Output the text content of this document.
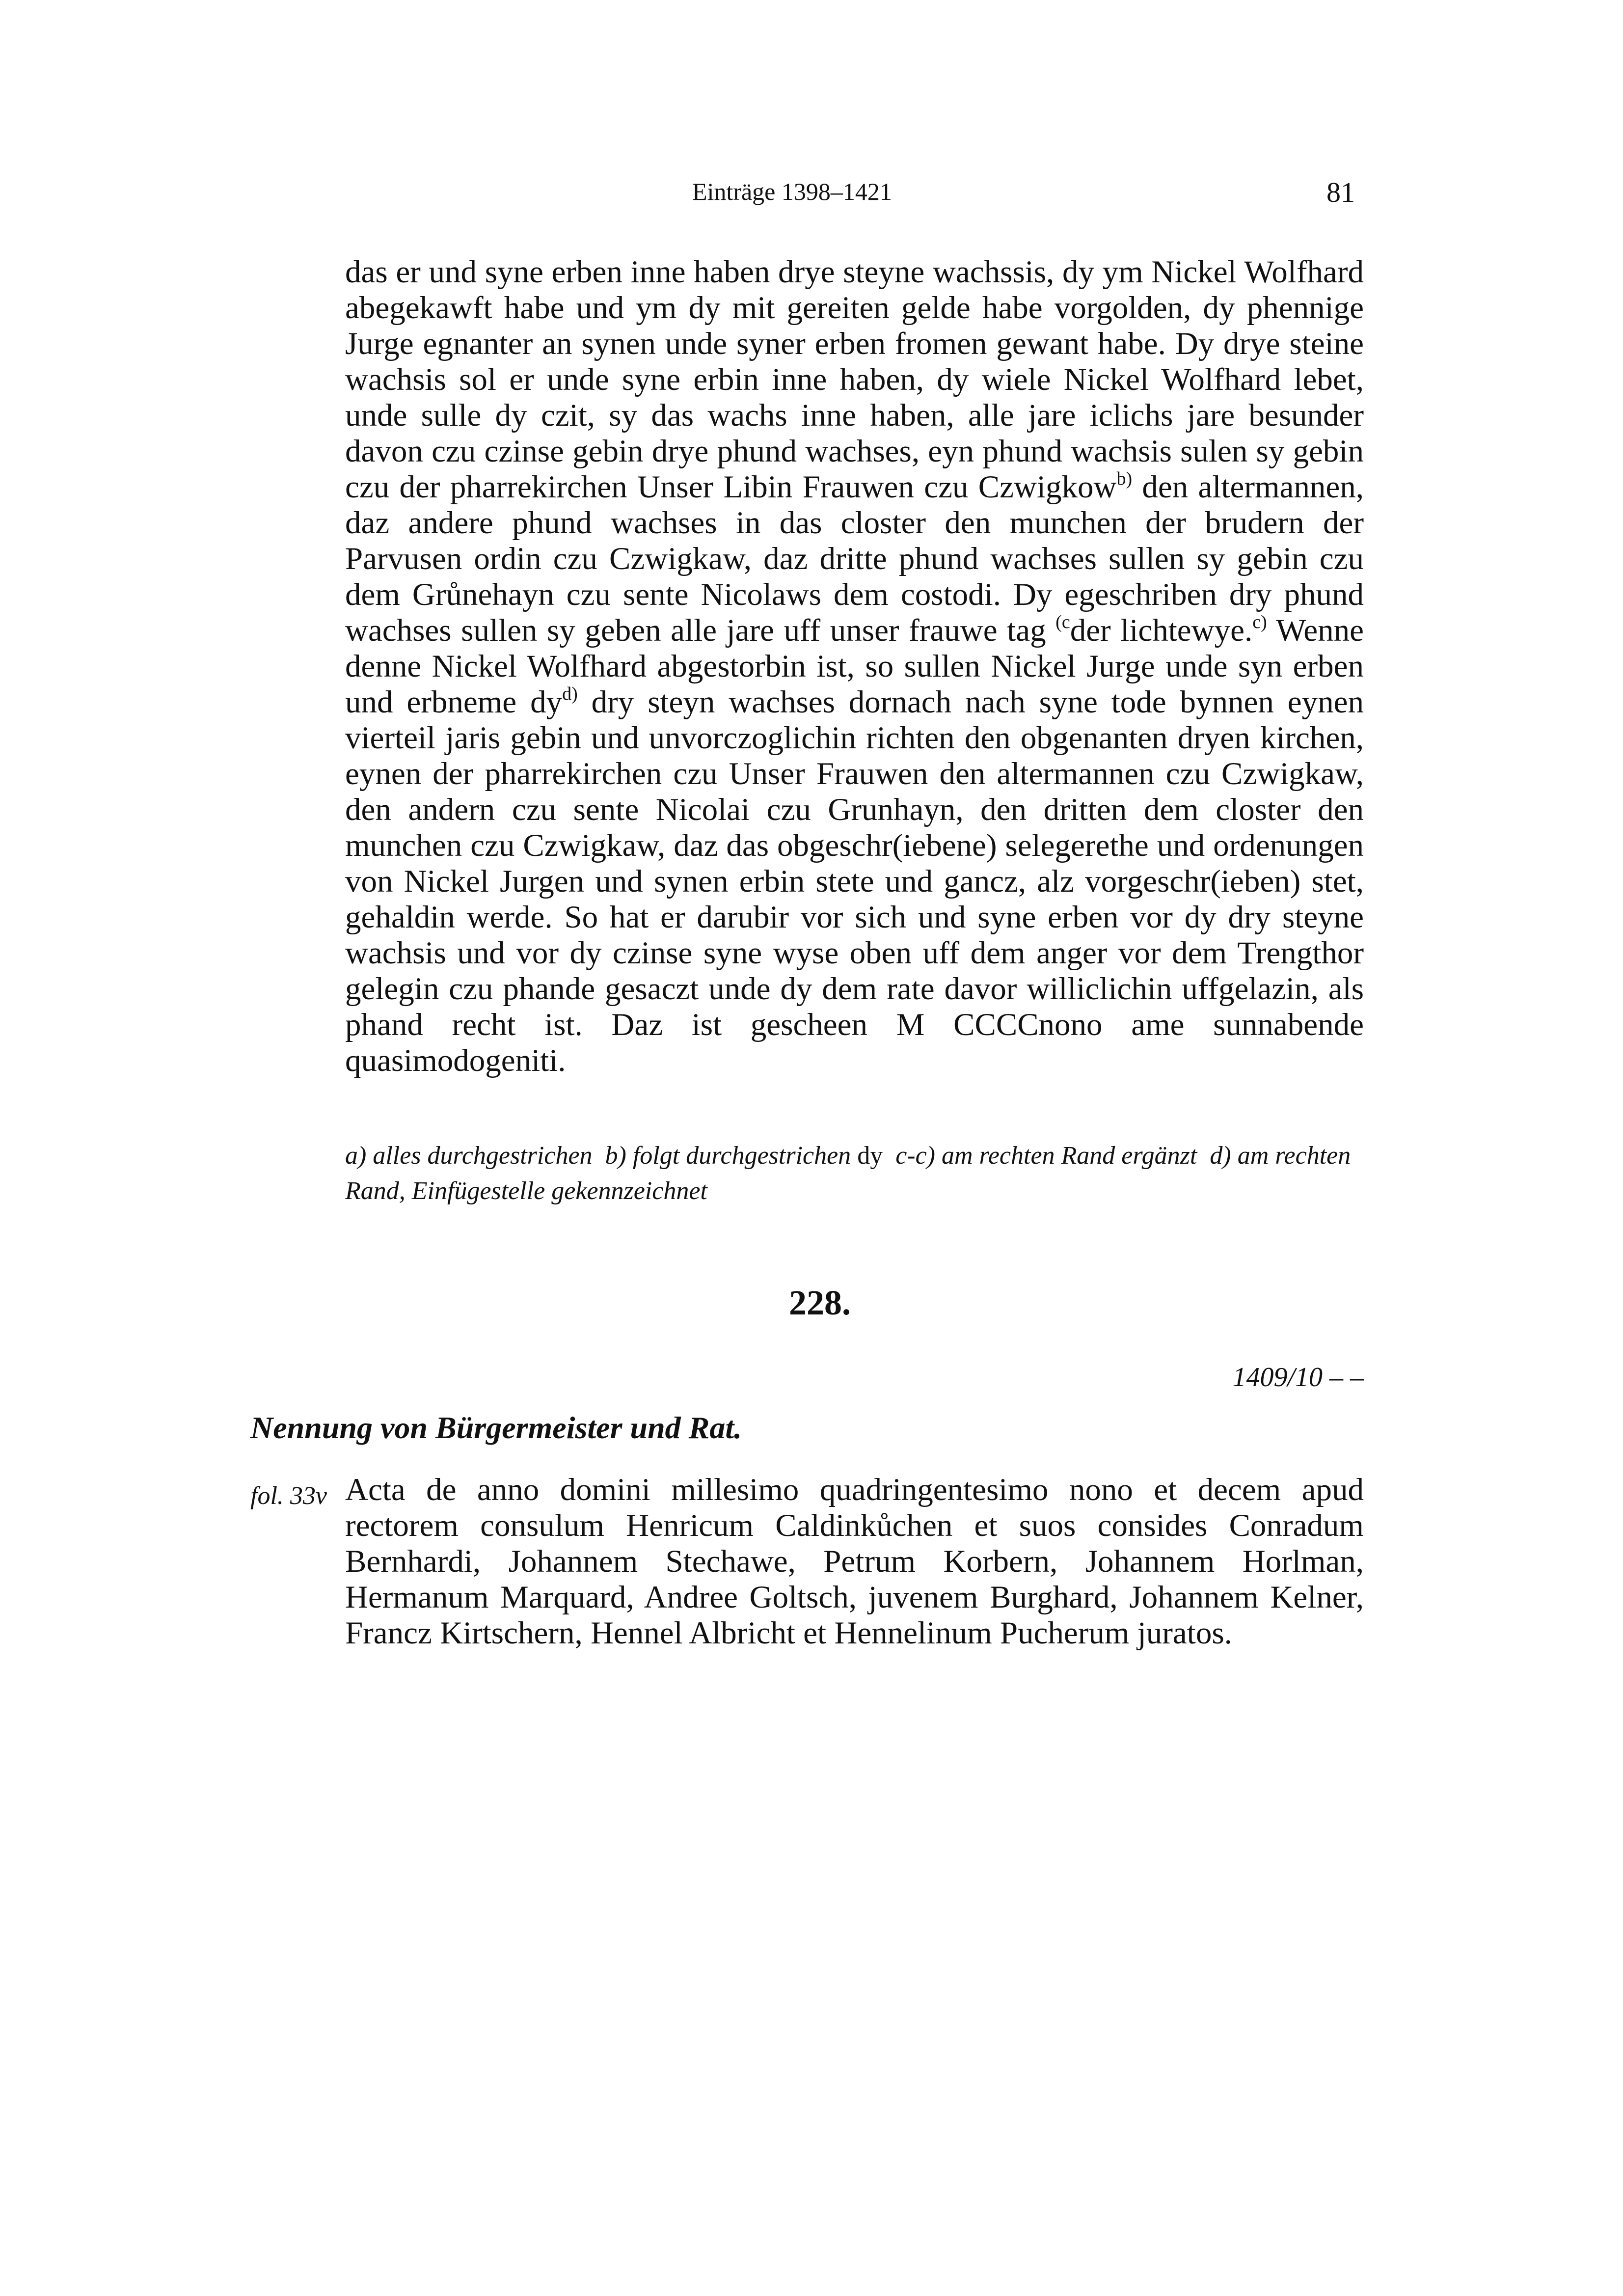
Einträge 1398–1421	81

das er und syne erben inne haben drye steyne wachssis, dy ym Nickel Wolfhard abegekawft habe und ym dy mit gereiten gelde habe vorgolden, dy phennige Jurge egnanter an synen unde syner erben fromen gewant habe. Dy drye steine wachsis sol er unde syne erbin inne haben, dy wiele Nickel Wolfhard lebet, unde sulle dy czit, sy das wachs inne haben, alle jare iclichs jare besunder davon czu czinse gebin drye phund wachses, eyn phund wachsis sulen sy gebin czu der pharrekirchen Unser Libin Frauwen czu Czwigkow$^{b)}$ den altermannen, daz andere phund wachses in das closter den munchen der brudern der Parvusen ordin czu Czwigkaw, daz dritte phund wachses sullen sy gebin czu dem Grůnehayn czu sente Nicolaws dem costodi. Dy egeschriben dry phund wachses sullen sy geben alle jare uff unser frauwe tag $^{(c}$der lichtewye.$^{c)}$ Wenne denne Nickel Wolfhard abgestorbin ist, so sullen Nickel Jurge unde syn erben und erbneme $dy^{d)}$ dry steyn wachses dornach nach syne tode bynnen eynen vierteil jaris gebin und unvorczoglichin richten den obgenanten dryen kirchen, eynen der pharrekirchen czu Unser Frauwen den altermannen czu Czwigkaw, den andern czu sente Nicolai czu Grunhayn, den dritten dem closter den munchen czu Czwigkaw, daz das obgeschr(iebene) selegerethe und ordenungen von Nickel Jurgen und synen erbin stete und gancz, alz vorgeschr(ieben) stet, gehaldin werde. So hat er darubir vor sich und syne erben vor dy dry steyne wachsis und vor dy czinse syne wyse oben uff dem anger vor dem Trengthor gelegin czu phande gesaczt unde dy dem rate davor williclichin uffgelazin, als phand recht ist. Daz ist gescheen M CCCCnono ame sunnabende quasimodogeniti.

a) alles durchgestrichen b) folgt durchgestrichen dy c-c) am rechten Rand ergänzt d) am rechten Rand, Einfügestelle gekennzeichnet
228.
1409/10 – –
Nennung von Bürgermeister und Rat.
fol. 33v Acta de anno domini millesimo quadringentesimo nono et decem apud rectorem consulum Henricum Caldinkůchen et suos consides Conradum Bernhardi, Johannem Stechawe, Petrum Korbern, Johannem Horlman, Hermanum Marquard, Andree Goltsch, juvenem Burghard, Johannem Kelner, Francz Kirtschern, Hennel Albricht et Hennelinum Pucherum juratos.
